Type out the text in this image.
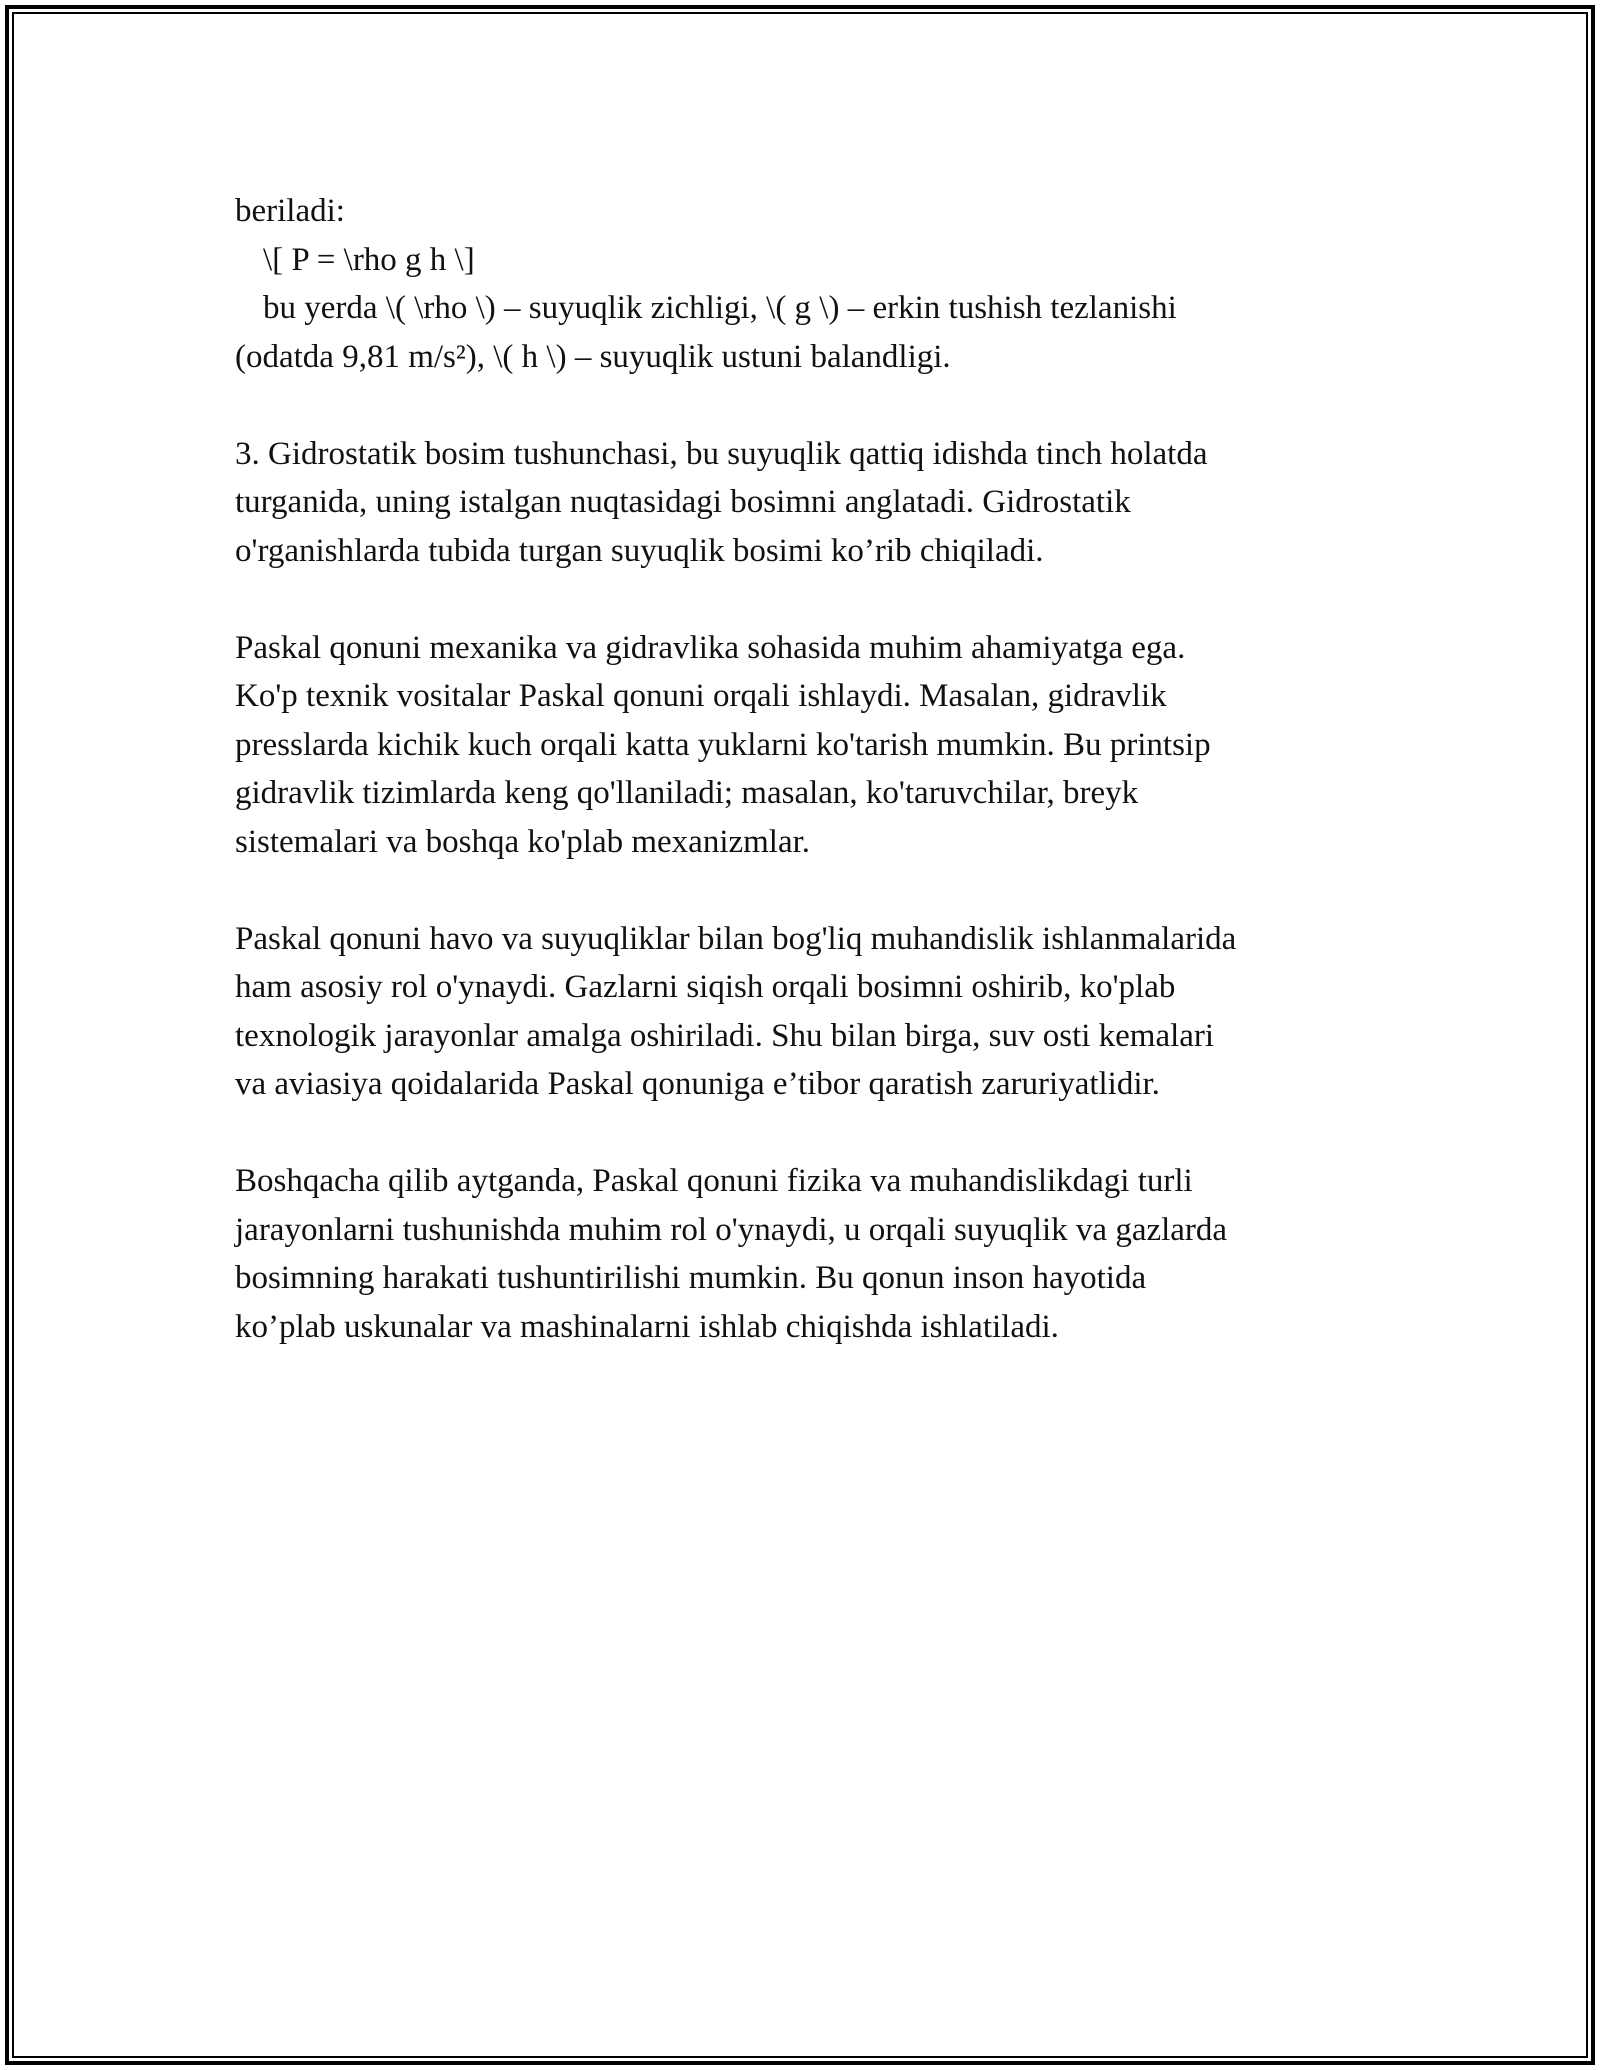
beriladi:
\[ P = \rho g h \]
bu yerda \( \rho \) – suyuqlik zichligi, \( g \) – erkin tushish tezlanishi
(odatda 9,81 m/s²), \( h \) – suyuqlik ustuni balandligi.
3. Gidrostatik bosim tushunchasi, bu suyuqlik qattiq idishda tinch holatda
turganida, uning istalgan nuqtasidagi bosimni anglatadi. Gidrostatik
o'rganishlarda tubida turgan suyuqlik bosimi ko’rib chiqiladi.
Paskal qonuni mexanika va gidravlika sohasida muhim ahamiyatga ega.
Ko'p texnik vositalar Paskal qonuni orqali ishlaydi. Masalan, gidravlik
presslarda kichik kuch orqali katta yuklarni ko'tarish mumkin. Bu printsip
gidravlik tizimlarda keng qo'llaniladi; masalan, ko'taruvchilar, breyk
sistemalari va boshqa ko'plab mexanizmlar.
Paskal qonuni havo va suyuqliklar bilan bog'liq muhandislik ishlanmalarida
ham asosiy rol o'ynaydi. Gazlarni siqish orqali bosimni oshirib, ko'plab
texnologik jarayonlar amalga oshiriladi. Shu bilan birga, suv osti kemalari
va aviasiya qoidalarida Paskal qonuniga e’tibor qaratish zaruriyatlidir.
Boshqacha qilib aytganda, Paskal qonuni fizika va muhandislikdagi turli
jarayonlarni tushunishda muhim rol o'ynaydi, u orqali suyuqlik va gazlarda
bosimning harakati tushuntirilishi mumkin. Bu qonun inson hayotida
ko’plab uskunalar va mashinalarni ishlab chiqishda ishlatiladi.
